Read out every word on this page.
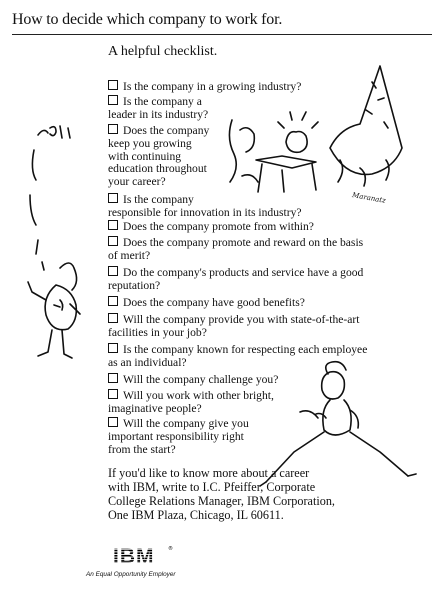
How to decide which company to work for.
A helpful checklist.
Is the company in a growing industry?
Is the company a
leader in its industry?
Does the company
keep you growing
with continuing
education throughout
your career?
Is the company
responsible for innovation in its industry?
Does the company promote from within?
Does the company promote and reward on the basis
of merit?
Do the company's products and service have a good
reputation?
Does the company have good benefits?
Will the company provide you with state-of-the-art
facilities in your job?
Is the company known for respecting each employee
as an individual?
Will the company challenge you?
Will you work with other bright,
imaginative people?
Will the company give you
important responsibility right
from the start?
If you'd like to know more about a career
with IBM, write to I.C. Pfeiffer, Corporate
College Relations Manager, IBM Corporation,
One IBM Plaza, Chicago, IL 60611.
IBM	®
An Equal Opportunity Employer
Maranatz
